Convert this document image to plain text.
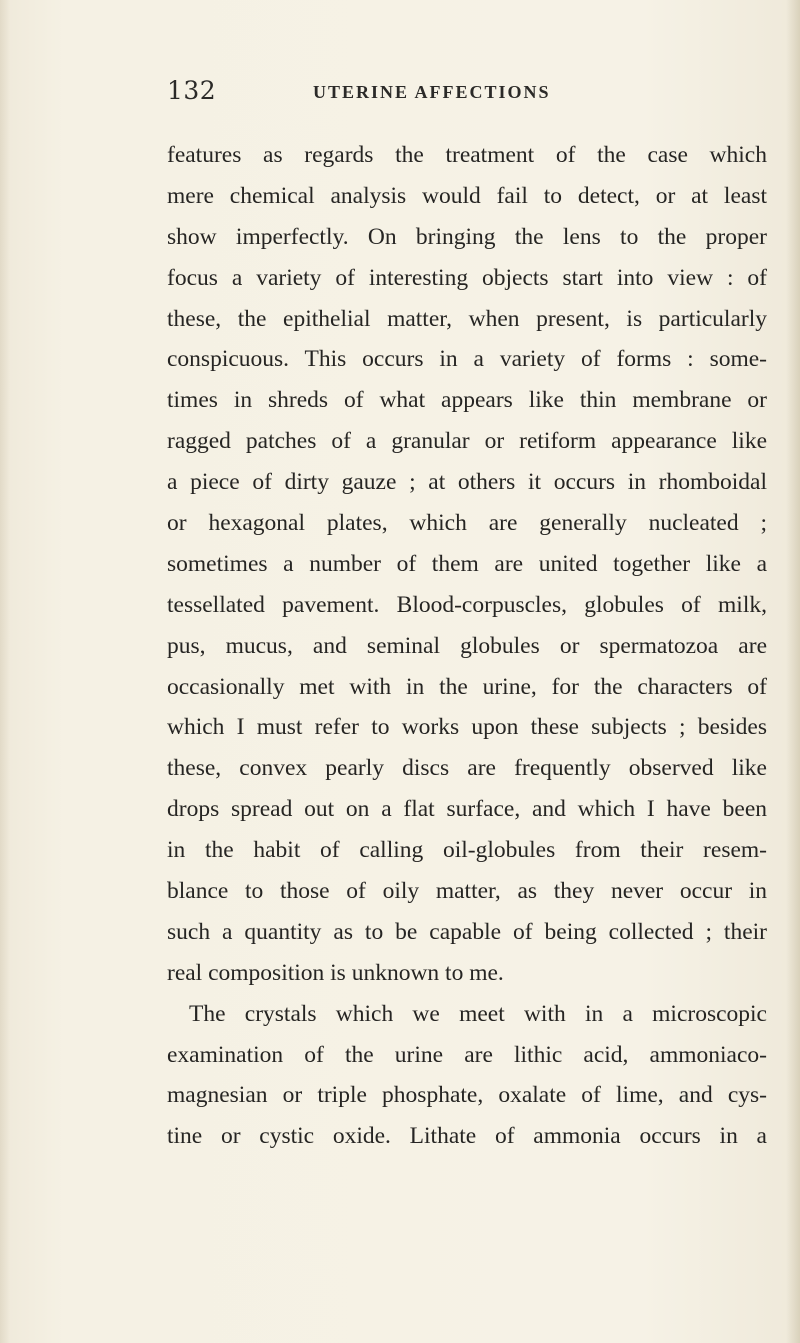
132	UTERINE AFFECTIONS
features as regards the treatment of the case which
mere chemical analysis would fail to detect, or at least
show imperfectly. On bringing the lens to the proper
focus a variety of interesting objects start into view : of
these, the epithelial matter, when present, is particularly
conspicuous. This occurs in a variety of forms : some-
times in shreds of what appears like thin membrane or
ragged patches of a granular or retiform appearance like
a piece of dirty gauze ; at others it occurs in rhomboidal
or hexagonal plates, which are generally nucleated ;
sometimes a number of them are united together like a
tessellated pavement. Blood-corpuscles, globules of milk,
pus, mucus, and seminal globules or spermatozoa are
occasionally met with in the urine, for the characters of
which I must refer to works upon these subjects ; besides
these, convex pearly discs are frequently observed like
drops spread out on a flat surface, and which I have been
in the habit of calling oil-globules from their resem-
blance to those of oily matter, as they never occur in
such a quantity as to be capable of being collected ; their
real composition is unknown to me.
The crystals which we meet with in a microscopic
examination of the urine are lithic acid, ammoniaco-
magnesian or triple phosphate, oxalate of lime, and cys-
tine or cystic oxide. Lithate of ammonia occurs in a
